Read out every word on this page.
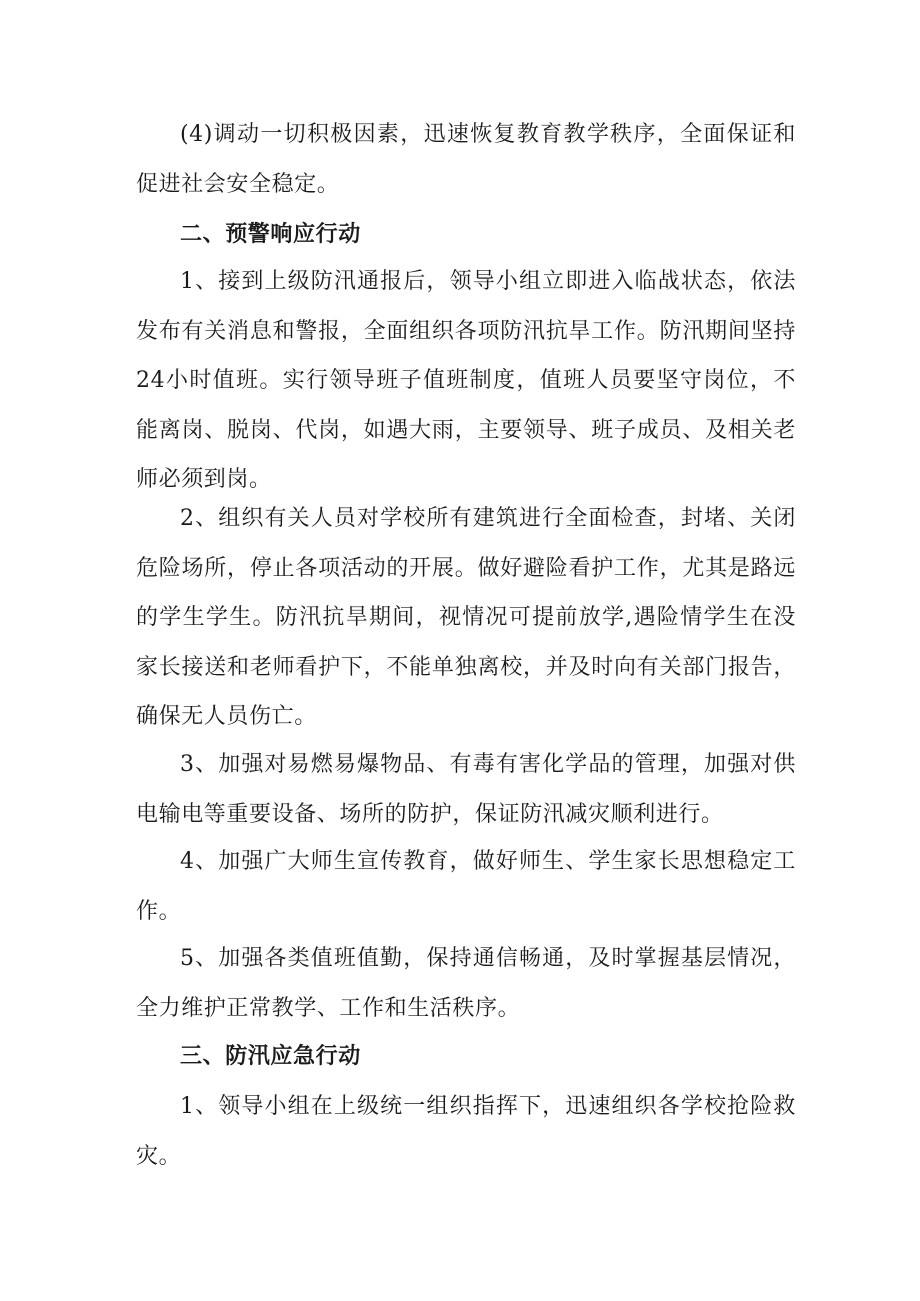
(4)调动一切积极因素，迅速恢复教育教学秩序，全面保证和促进社会安全稳定。

二、预警响应行动

1、接到上级防汛通报后，领导小组立即进入临战状态，依法发布有关消息和警报，全面组织各项防汛抗旱工作。防汛期间坚持24小时值班。实行领导班子值班制度，值班人员要坚守岗位，不能离岗、脱岗、代岗，如遇大雨，主要领导、班子成员、及相关老师必须到岗。

2、组织有关人员对学校所有建筑进行全面检查，封堵、关闭危险场所，停止各项活动的开展。做好避险看护工作，尤其是路远的学生学生。防汛抗旱期间，视情况可提前放学,遇险情学生在没家长接送和老师看护下，不能单独离校，并及时向有关部门报告，确保无人员伤亡。

3、加强对易燃易爆物品、有毒有害化学品的管理，加强对供电输电等重要设备、场所的防护，保证防汛减灾顺利进行。

4、加强广大师生宣传教育，做好师生、学生家长思想稳定工作。

5、加强各类值班值勤，保持通信畅通，及时掌握基层情况，全力维护正常教学、工作和生活秩序。

三、防汛应急行动

1、领导小组在上级统一组织指挥下，迅速组织各学校抢险救灾。
